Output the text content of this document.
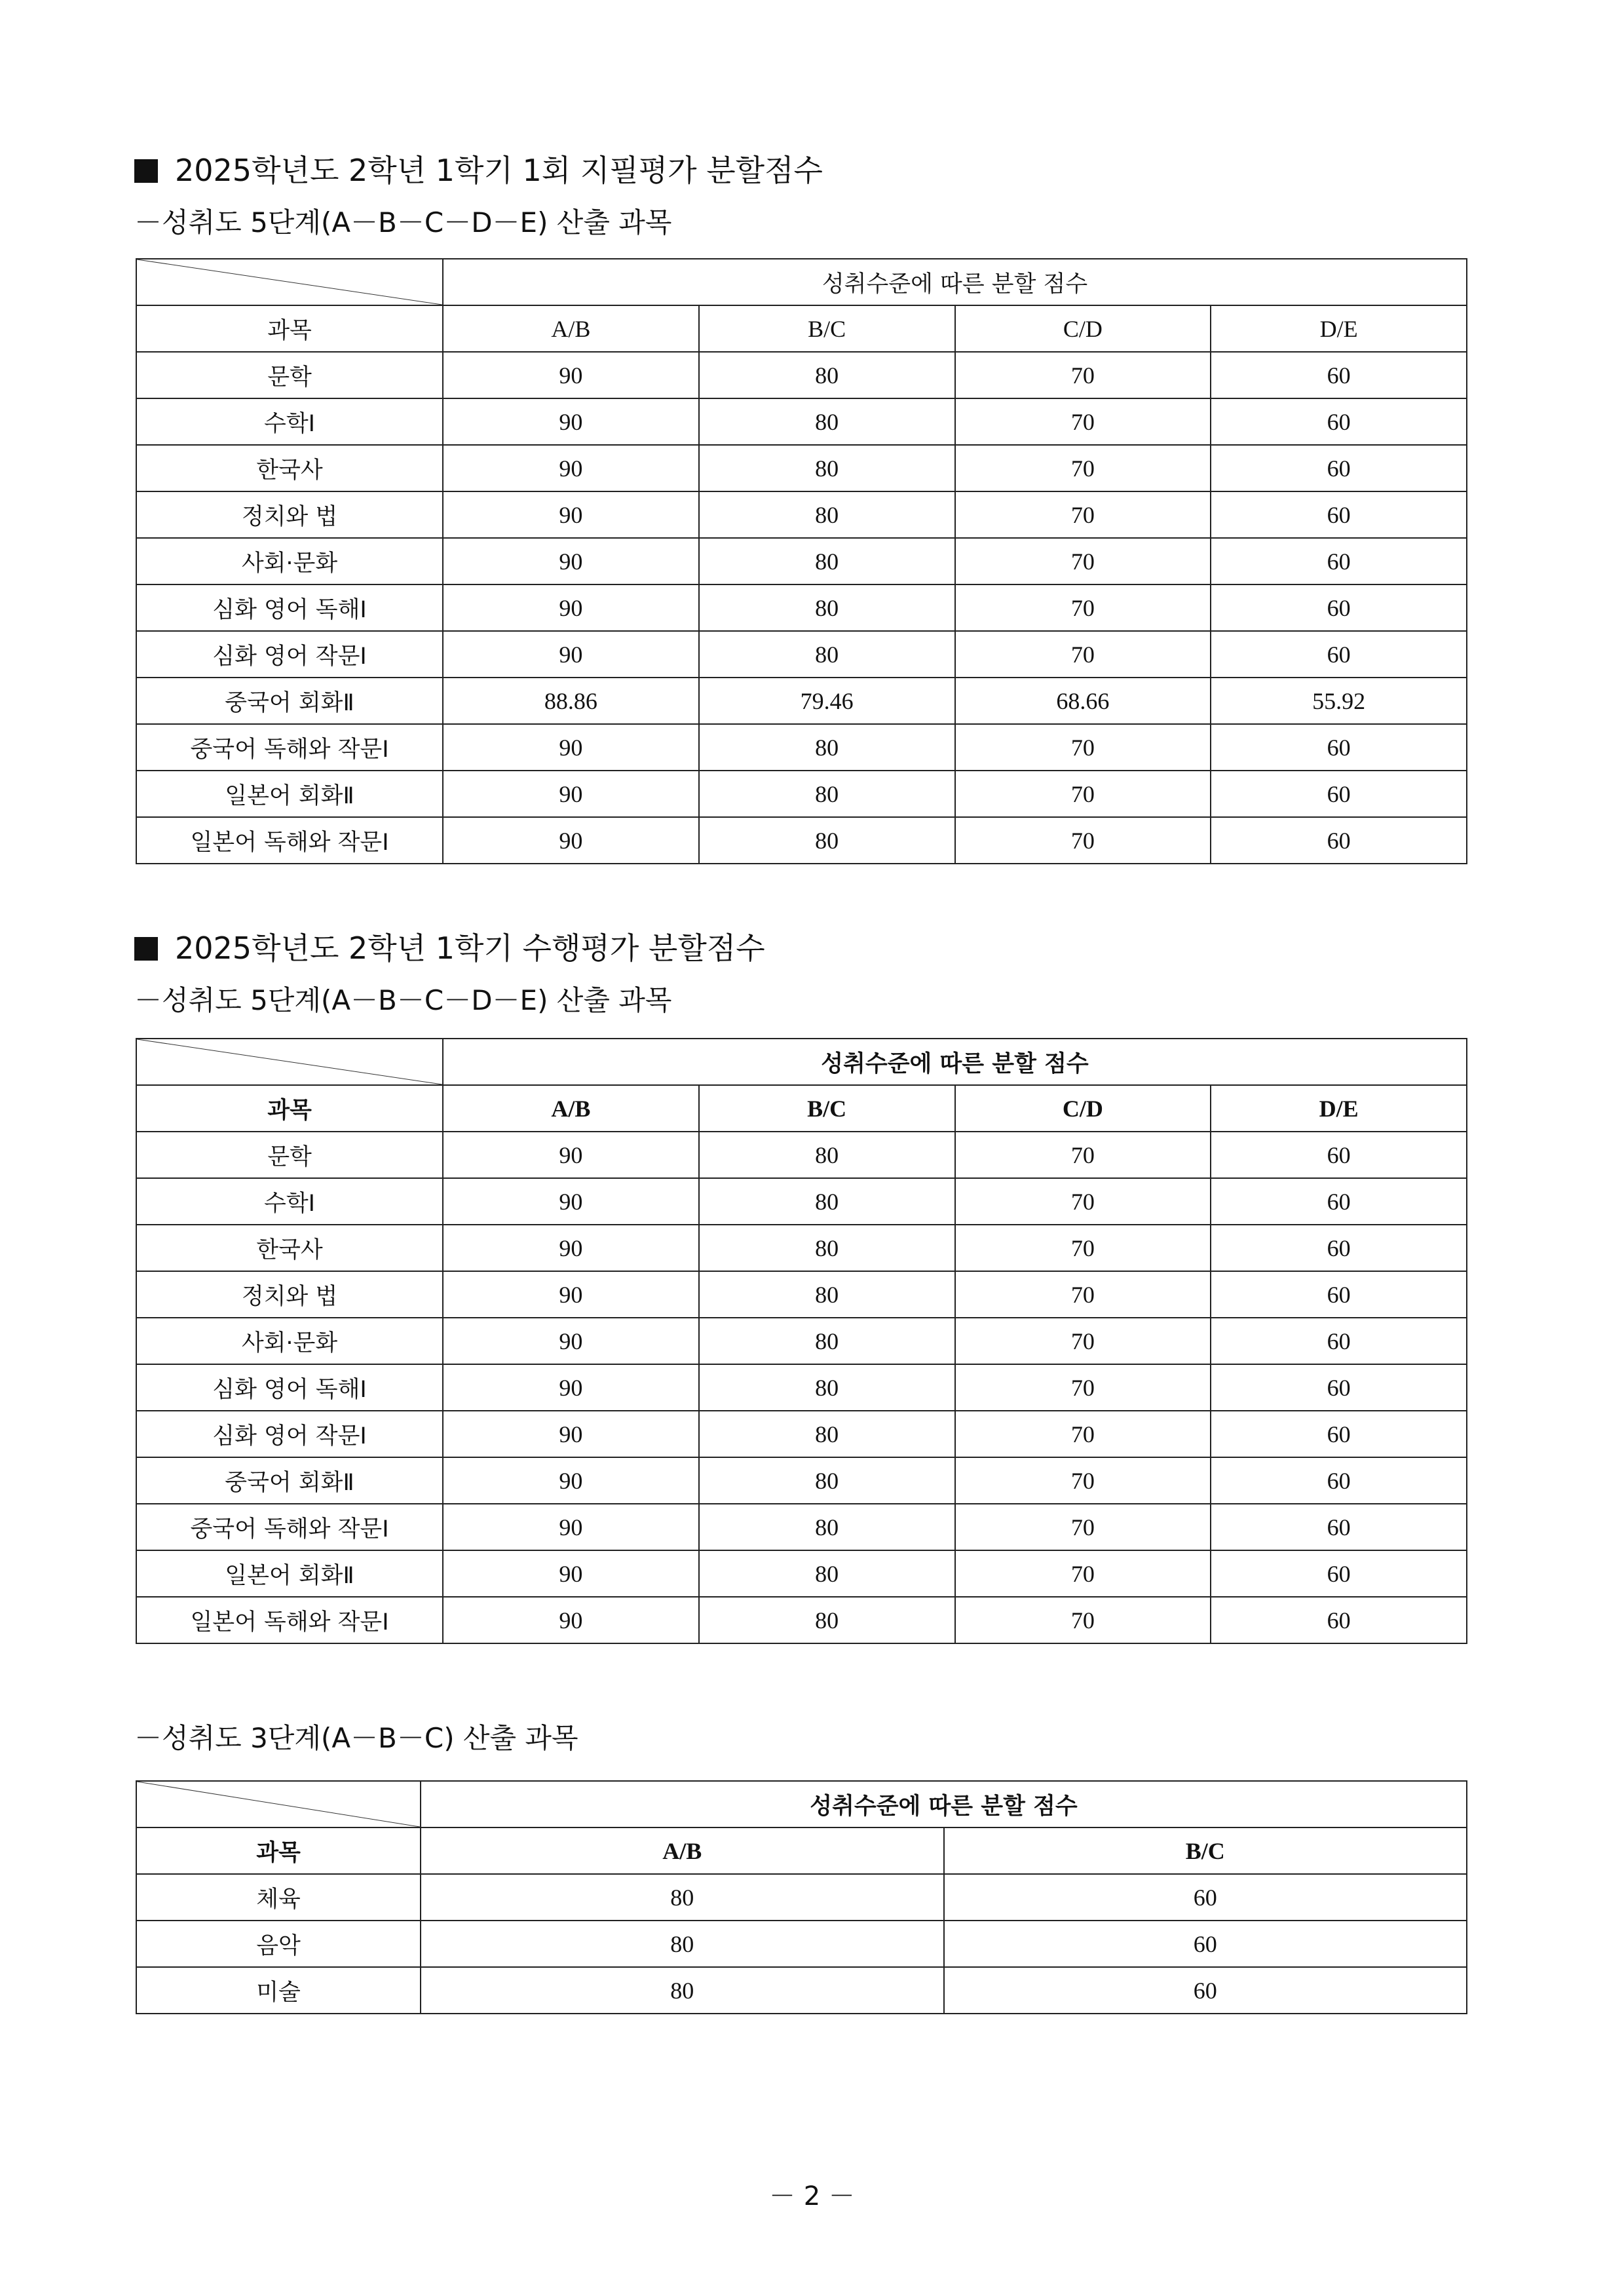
2025학년도 2학년 1학기 1회 지필평가 분할점수

－성취도 5단계(A－B－C－D－E) 산출 과목

	성취수준에 따른 분할 점수			
과목	A/B	B/C	C/D	D/E
문학	90	80	70	60
수학Ⅰ	90	80	70	60
한국사	90	80	70	60
정치와 법	90	80	70	60
사회·문화	90	80	70	60
심화 영어 독해Ⅰ	90	80	70	60
심화 영어 작문Ⅰ	90	80	70	60
중국어 회화Ⅱ	88.86	79.46	68.66	55.92
중국어 독해와 작문Ⅰ	90	80	70	60
일본어 회화Ⅱ	90	80	70	60
일본어 독해와 작문Ⅰ	90	80	70	60
2025학년도 2학년 1학기 수행평가 분할점수

－성취도 5단계(A－B－C－D－E) 산출 과목

	성취수준에 따른 분할 점수			
과목	A/B	B/C	C/D	D/E
문학	90	80	70	60
수학Ⅰ	90	80	70	60
한국사	90	80	70	60
정치와 법	90	80	70	60
사회·문화	90	80	70	60
심화 영어 독해Ⅰ	90	80	70	60
심화 영어 작문Ⅰ	90	80	70	60
중국어 회화Ⅱ	90	80	70	60
중국어 독해와 작문Ⅰ	90	80	70	60
일본어 회화Ⅱ	90	80	70	60
일본어 독해와 작문Ⅰ	90	80	70	60

－성취도 3단계(A－B－C) 산출 과목

	성취수준에 따른 분할 점수	
과목	A/B	B/C
체육	80	60
음악	80	60
미술	80	60
－ 2 －
